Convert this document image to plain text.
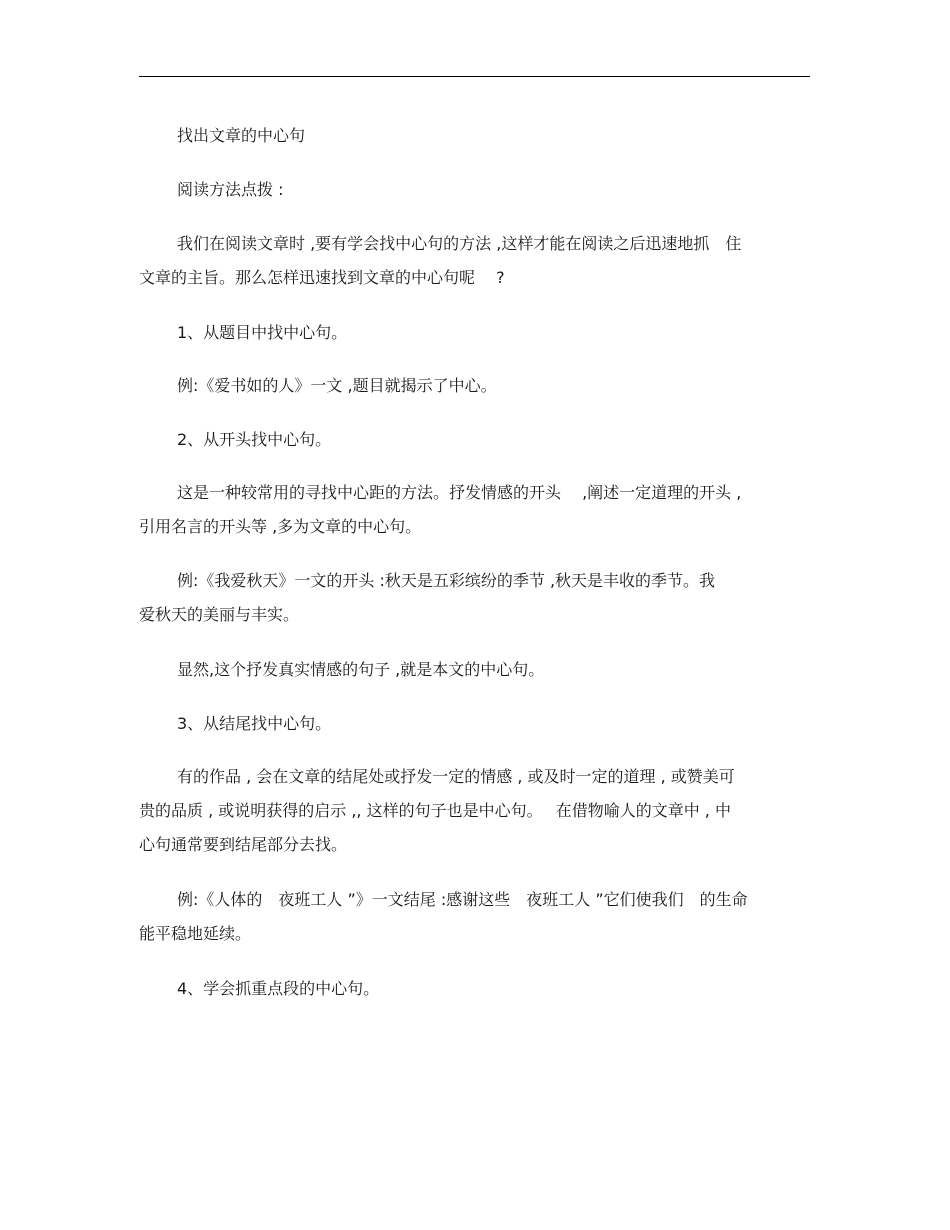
找出文章的中心句

阅读方法点拨 :

我们在阅读文章时 ,要有学会找中心句的方法 ,这样才能在阅读之后迅速地抓　住
文章的主旨。那么怎样迅速找到文章的中心句呢　 ?

1、从题目中找中心句。

例:《爱书如的人》一文 ,题目就揭示了中心。

2、从开头找中心句。

这是一种较常用的寻找中心距的方法。抒发情感的开头　 ,阐述一定道理的开头 ,
引用名言的开头等 ,多为文章的中心句。

例:《我爱秋天》一文的开头 :秋天是五彩缤纷的季节 ,秋天是丰收的季节。我
爱秋天的美丽与丰实。

显然,这个抒发真实情感的句子 ,就是本文的中心句。

3、从结尾找中心句。

有的作品 , 会在文章的结尾处或抒发一定的情感 , 或及时一定的道理 , 或赞美可
贵的品质 , 或说明获得的启示 ,, 这样的句子也是中心句。　 在借物喻人的文章中 , 中
心句通常要到结尾部分去找。

例:《人体的　夜班工人 ”》一文结尾 :感谢这些　夜班工人 ”它们使我们　的生命
能平稳地延续。

4、学会抓重点段的中心句。
